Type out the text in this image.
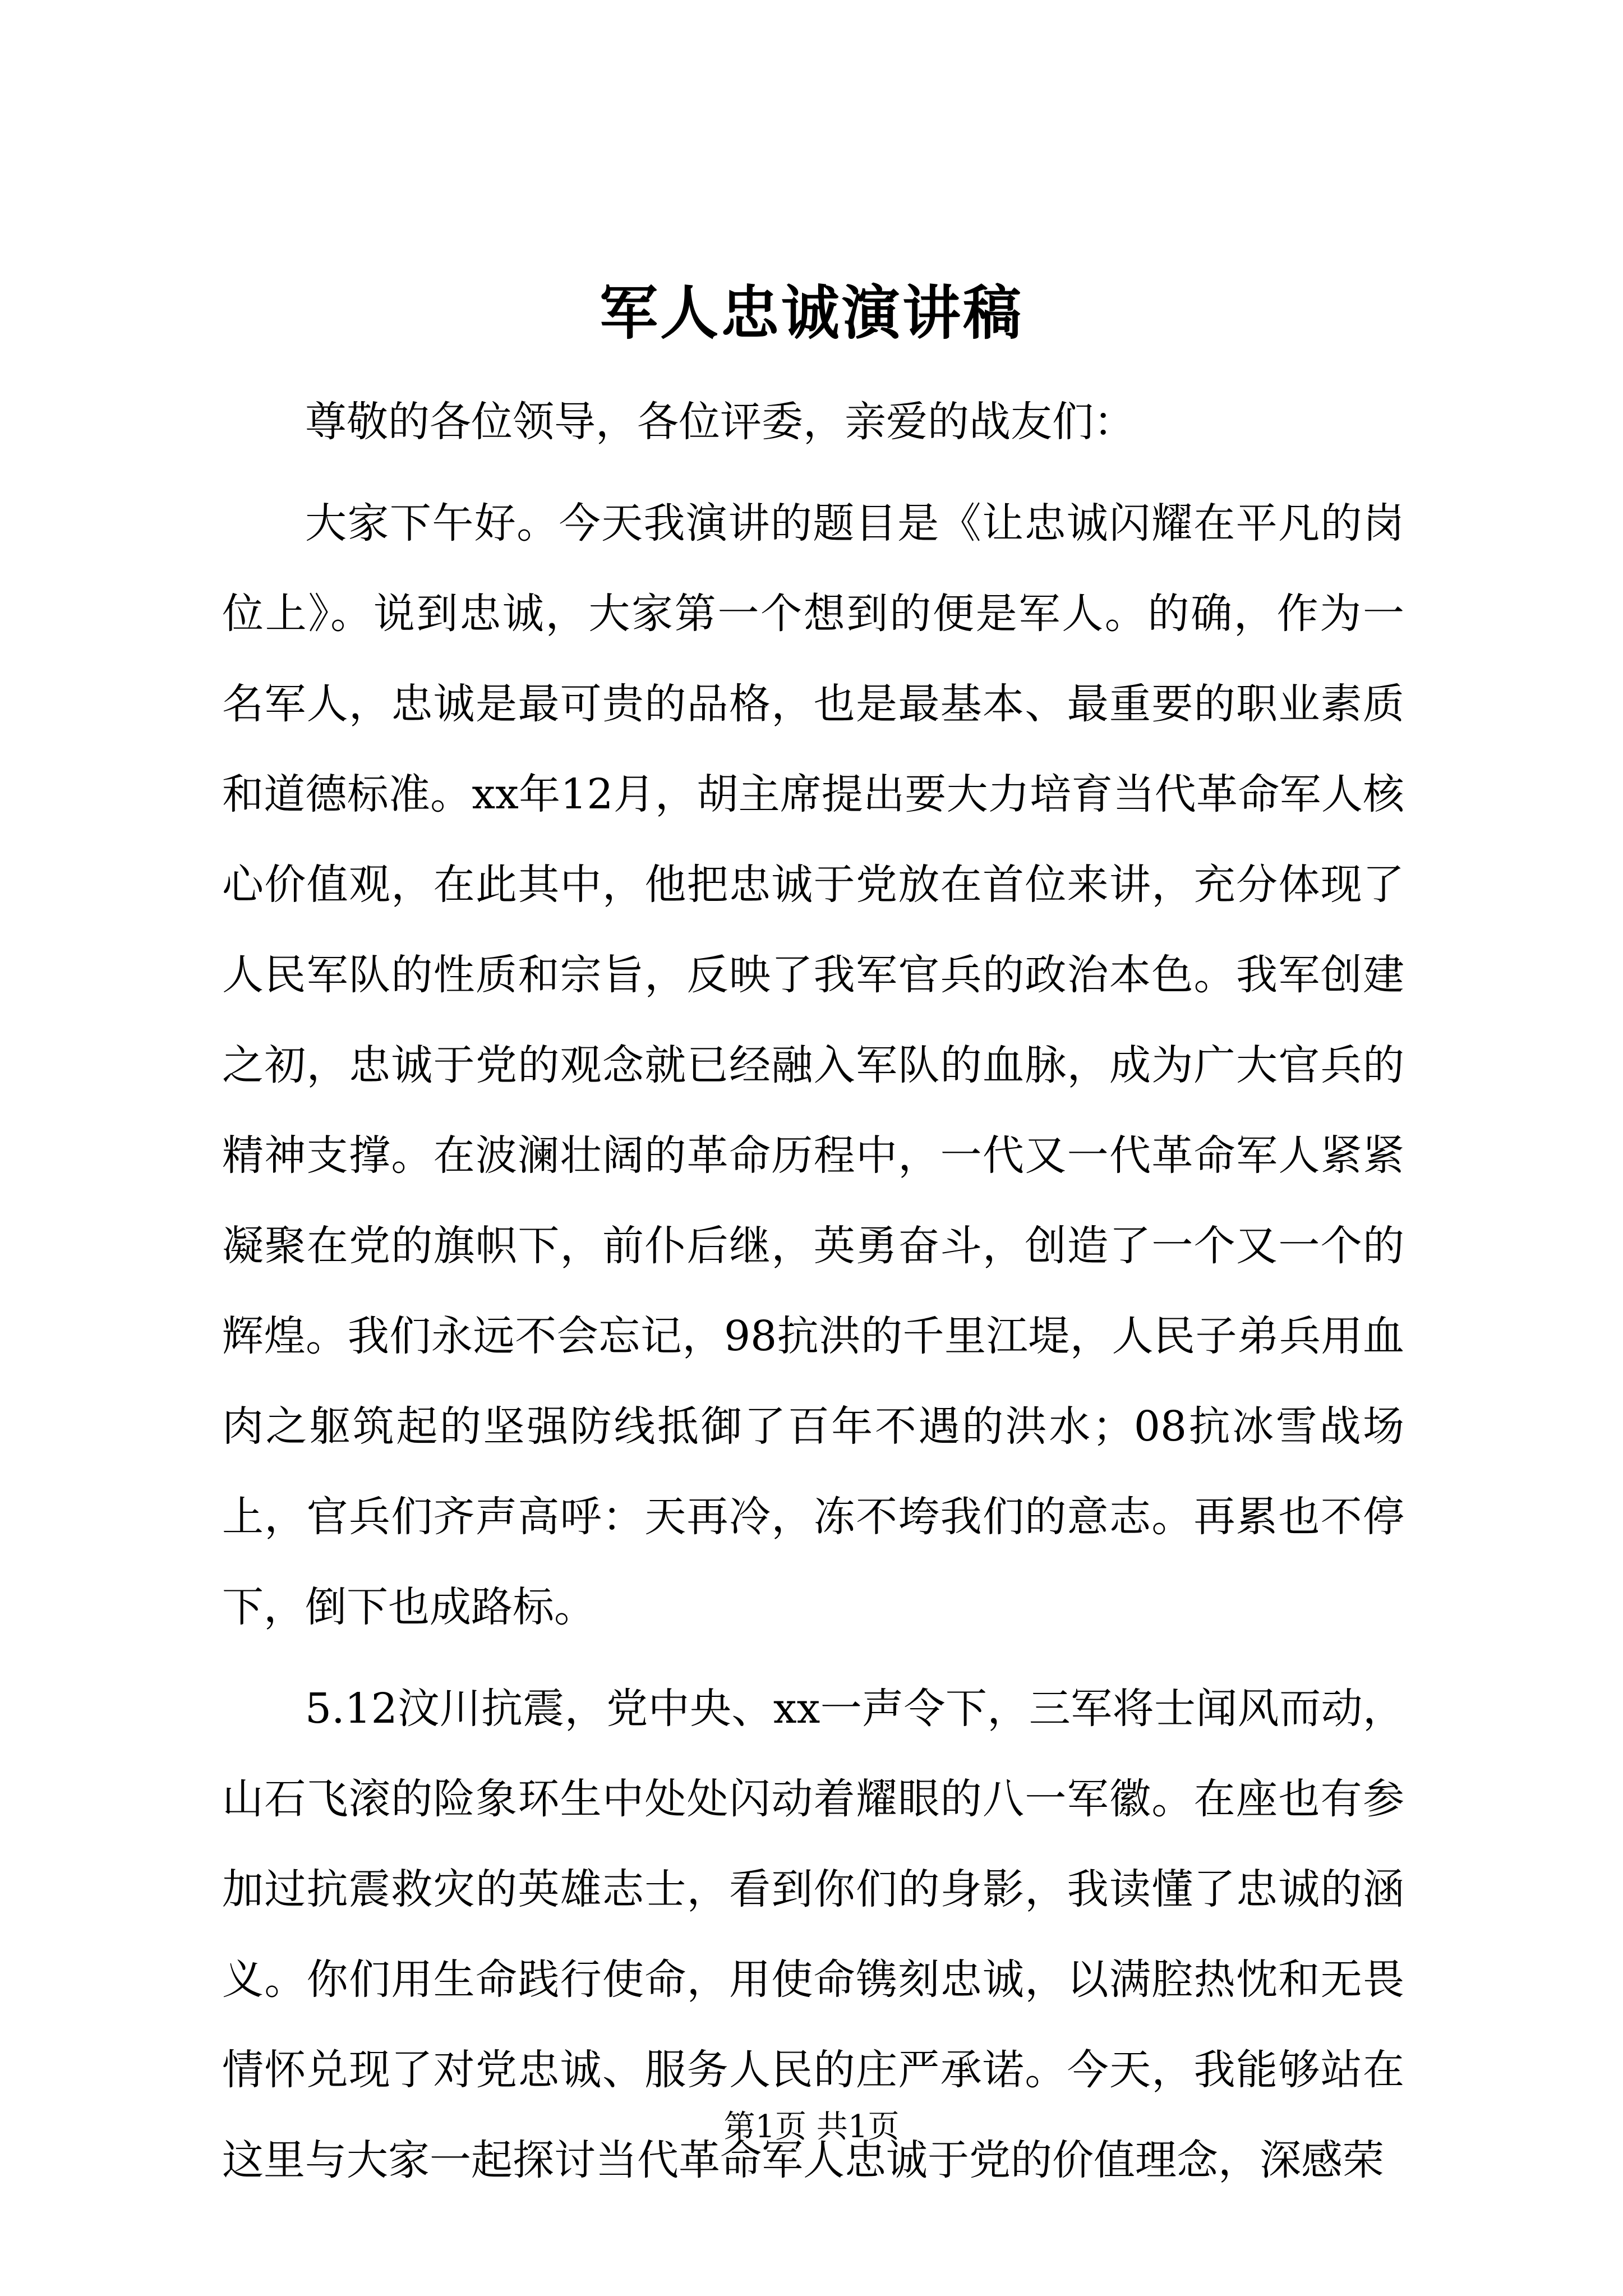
军人忠诚演讲稿

尊敬的各位领导，各位评委，亲爱的战友们：

大家下午好。今天我演讲的题目是《让忠诚闪耀在平凡的岗位上》。说到忠诚，大家第一个想到的便是军人。的确，作为一名军人，忠诚是最可贵的品格，也是最基本、最重要的职业素质和道德标准。xx年12月，胡主席提出要大力培育当代革命军人核心价值观，在此其中，他把忠诚于党放在首位来讲，充分体现了人民军队的性质和宗旨，反映了我军官兵的政治本色。我军创建之初，忠诚于党的观念就已经融入军队的血脉，成为广大官兵的精神支撑。在波澜壮阔的革命历程中，一代又一代革命军人紧紧凝聚在党的旗帜下，前仆后继，英勇奋斗，创造了一个又一个的辉煌。我们永远不会忘记，98抗洪的千里江堤，人民子弟兵用血肉之躯筑起的坚强防线抵御了百年不遇的洪水；08抗冰雪战场上，官兵们齐声高呼：天再冷，冻不垮我们的意志。再累也不停下，倒下也成路标。

5.12汶川抗震，党中央、xx一声令下，三军将士闻风而动，山石飞滚的险象环生中处处闪动着耀眼的八一军徽。在座也有参加过抗震救灾的英雄志士，看到你们的身影，我读懂了忠诚的涵义。你们用生命践行使命，用使命镌刻忠诚，以满腔热忱和无畏情怀兑现了对党忠诚、服务人民的庄严承诺。今天，我能够站在这里与大家一起探讨当代革命军人忠诚于党的价值理念，深感荣

第1页 共1页
